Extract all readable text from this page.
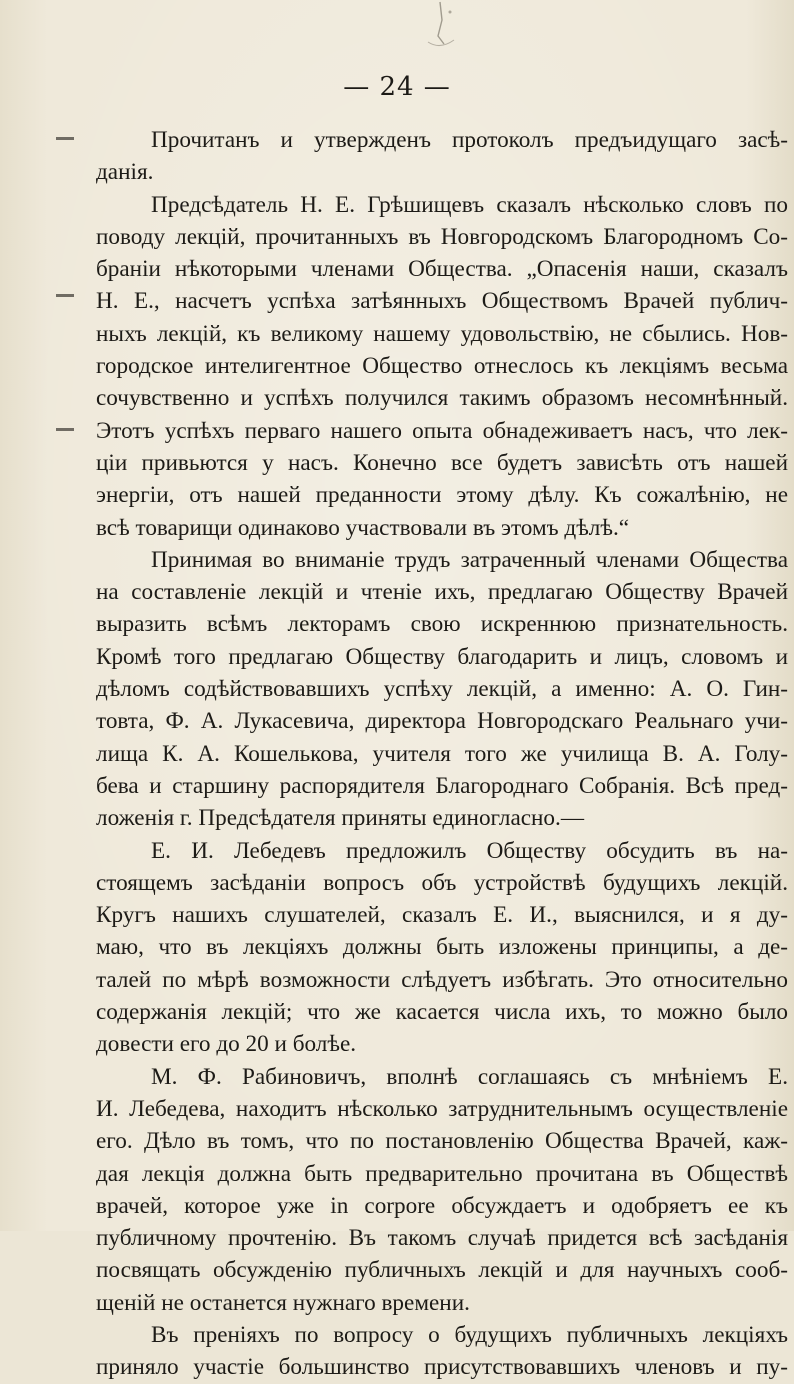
— 24 —
Прочитанъ и утвержденъ протоколъ предъидущаго засѣ-
данія.
Предсѣдатель Н. Е. Грѣшищевъ сказалъ нѣсколько словъ по
поводу лекцій, прочитанныхъ въ Новгородскомъ Благородномъ Со-
браніи нѣкоторыми членами Общества. „Опасенія наши, сказалъ
Н. Е., насчетъ успѣха затѣянныхъ Обществомъ Врачей публич-
ныхъ лекцій, къ великому нашему удовольствію, не сбылись. Нов-
городское интелигентное Общество отнеслось къ лекціямъ весьма
сочувственно и успѣхъ получился такимъ образомъ несомнѣнный.
Этотъ успѣхъ перваго нашего опыта обнадеживаетъ насъ, что лек-
ціи привьются у насъ. Конечно все будетъ зависѣть отъ нашей
энергіи, отъ нашей преданности этому дѣлу. Къ сожалѣнію, не
всѣ товарищи одинаково участвовали въ этомъ дѣлѣ.“
Принимая во вниманіе трудъ затраченный членами Общества
на составленіе лекцій и чтеніе ихъ, предлагаю Обществу Врачей
выразить всѣмъ лекторамъ свою искреннюю признательность.
Кромѣ того предлагаю Обществу благодарить и лицъ, словомъ и
дѣломъ содѣйствовавшихъ успѣху лекцій, а именно: А. О. Гин-
товта, Ф. А. Лукасевича, директора Новгородскаго Реальнаго учи-
лища К. А. Кошелькова, учителя того же училища В. А. Голу-
бева и старшину распорядителя Благороднаго Собранія. Всѣ пред-
ложенія г. Предсѣдателя приняты единогласно.—
Е. И. Лебедевъ предложилъ Обществу обсудить въ на-
стоящемъ засѣданіи вопросъ объ устройствѣ будущихъ лекцій.
Кругъ нашихъ слушателей, сказалъ Е. И., выяснился, и я ду-
маю, что въ лекціяхъ должны быть изложены принципы, а де-
талей по мѣрѣ возможности слѣдуетъ избѣгать. Это относительно
содержанія лекцій; что же касается числа ихъ, то можно было
довести его до 20 и болѣе.
М. Ф. Рабиновичъ, вполнѣ соглашаясь съ мнѣніемъ Е.
И. Лебедева, находитъ нѣсколько затруднительнымъ осуществленіе
его. Дѣло въ томъ, что по постановленію Общества Врачей, каж-
дая лекція должна быть предварительно прочитана въ Обществѣ
врачей, которое уже in corpore обсуждаетъ и одобряетъ ее къ
публичному прочтенію. Въ такомъ случаѣ придется всѣ засѣданія
посвящать обсужденію публичныхъ лекцій и для научныхъ сооб-
щеній не останется нужнаго времени.
Въ преніяхъ по вопросу о будущихъ публичныхъ лекціяхъ
приняло участіе большинство присутствовавшихъ членовъ и пу-
